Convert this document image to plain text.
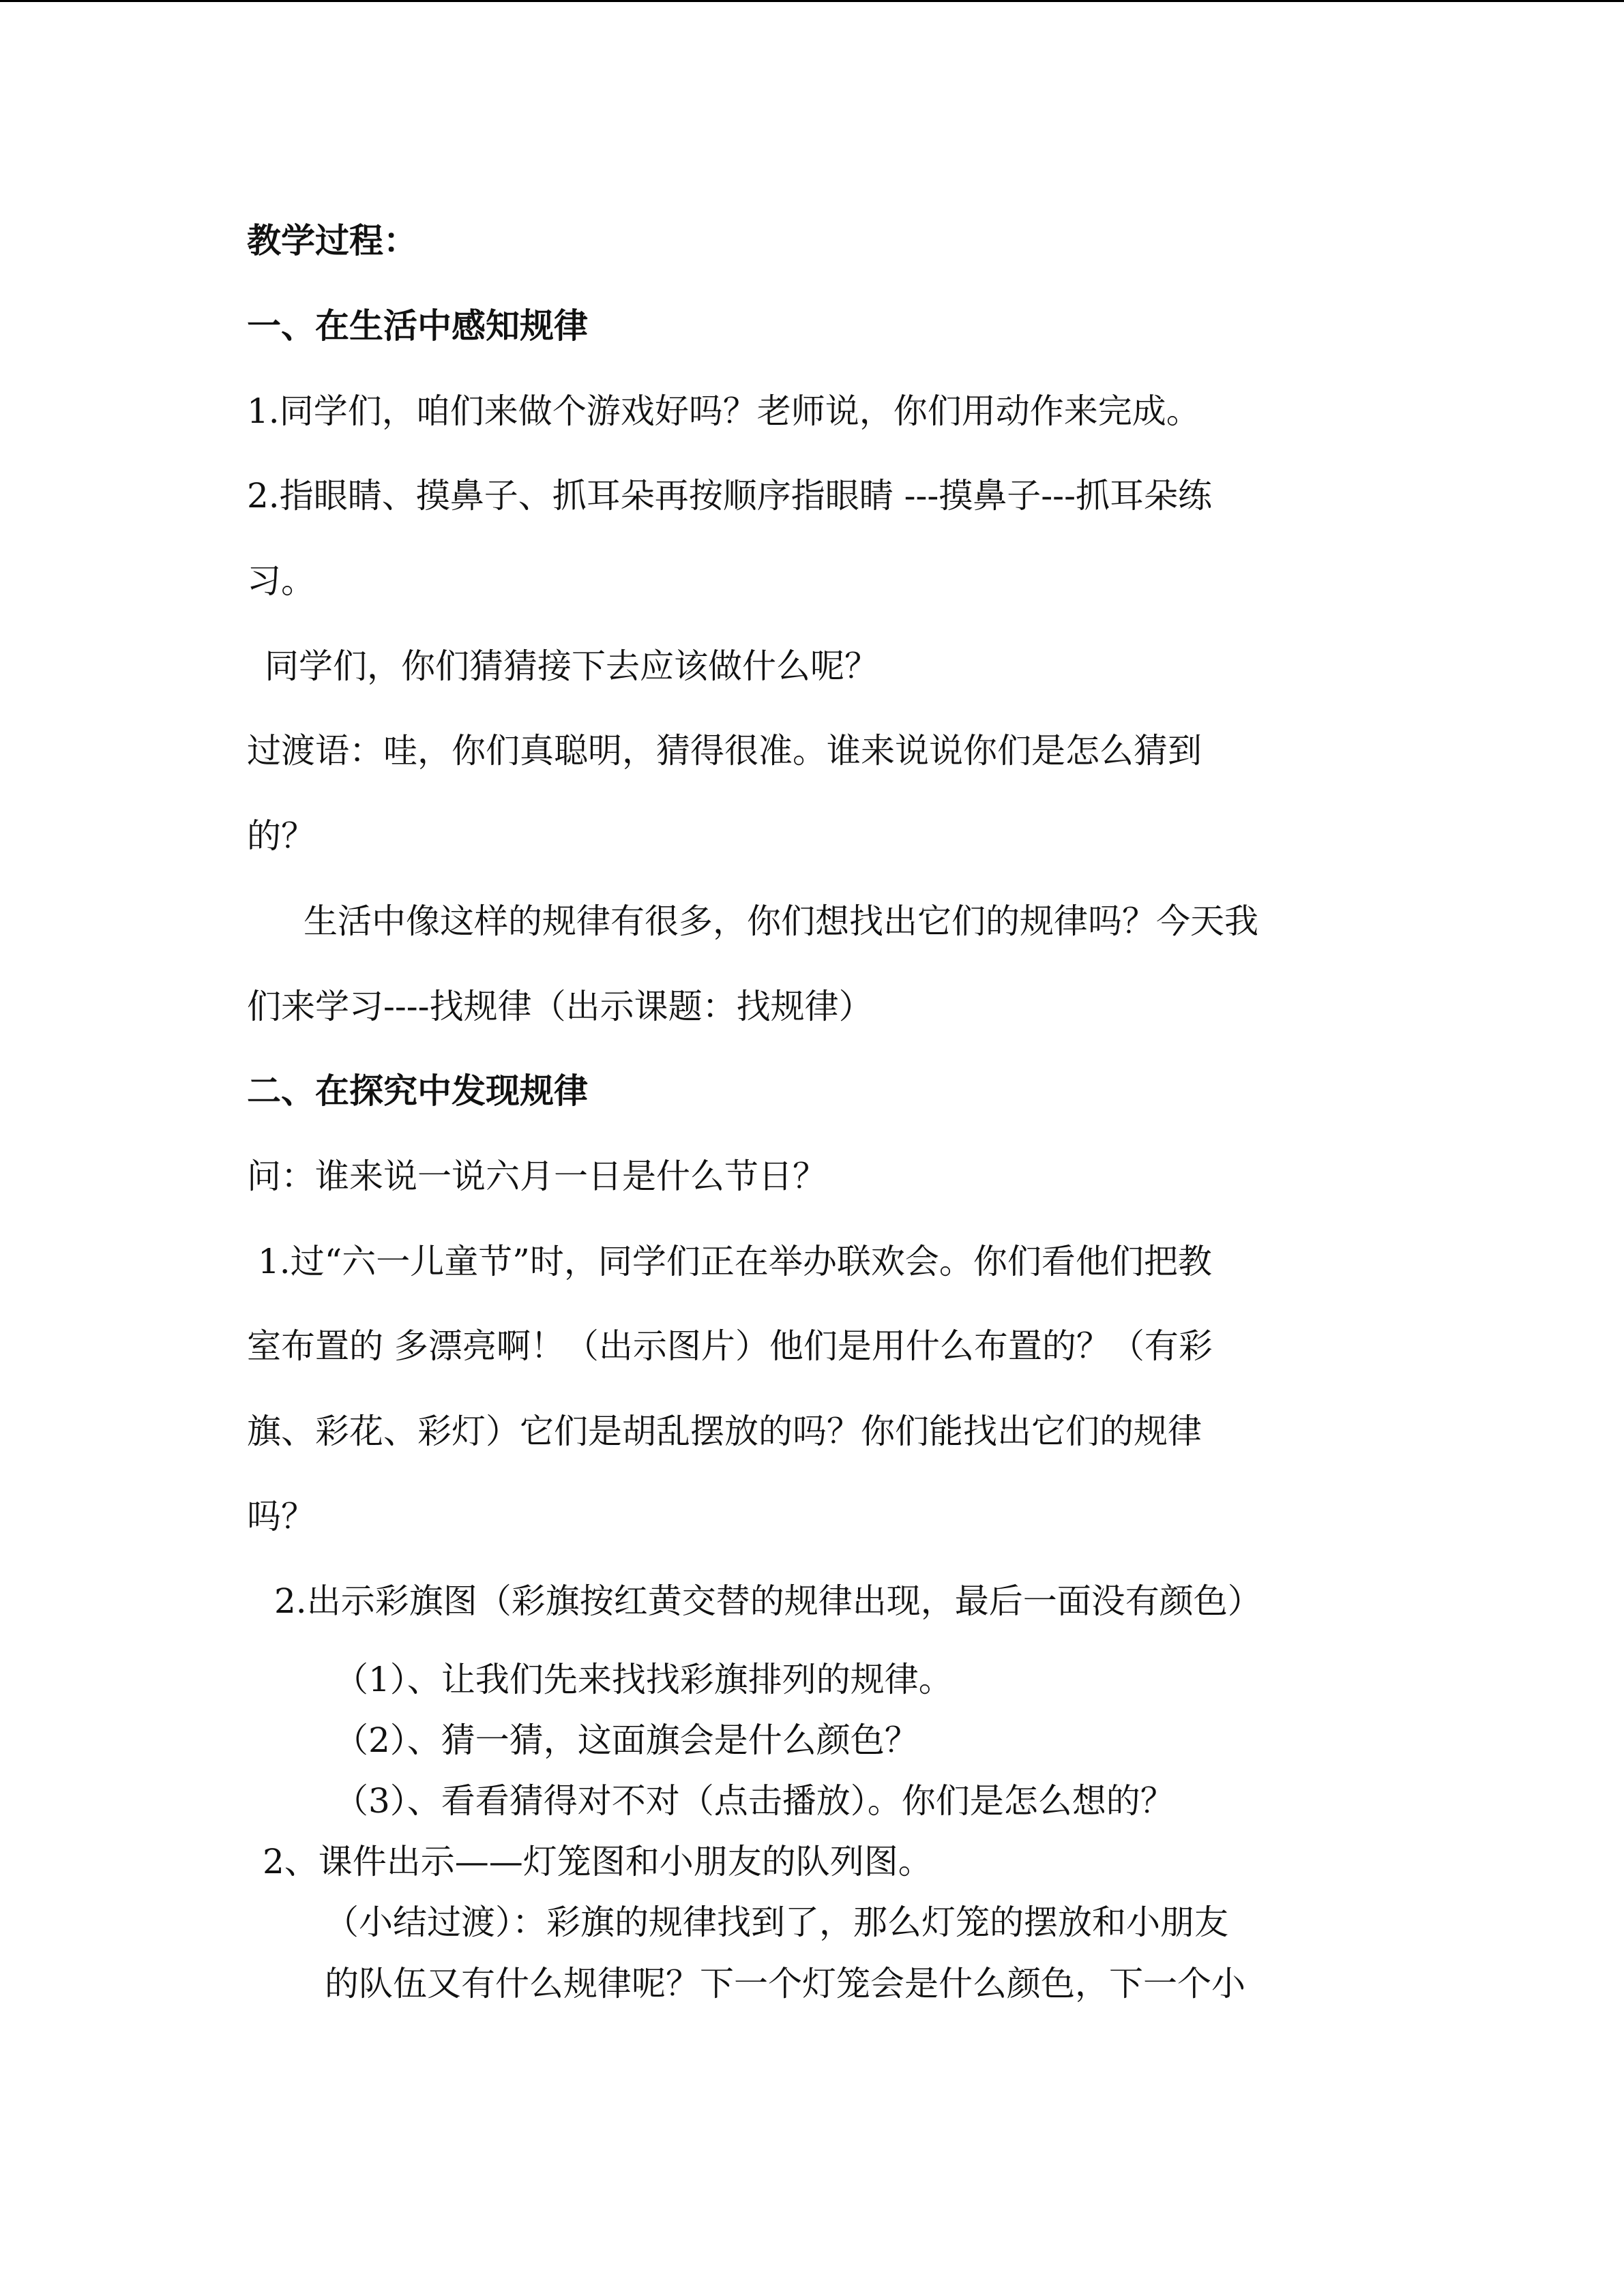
教学过程：
一、在生活中感知规律
1.同学们，咱们来做个游戏好吗？老师说，你们用动作来完成。
2.指眼睛、摸鼻子、抓耳朵再按顺序指眼睛 ---摸鼻子---抓耳朵练
习。
同学们，你们猜猜接下去应该做什么呢？
过渡语：哇，你们真聪明，猜得很准。谁来说说你们是怎么猜到
的？
生活中像这样的规律有很多，你们想找出它们的规律吗？今天我
们来学习----找规律（出示课题：找规律）
二、在探究中发现规律
问：谁来说一说六月一日是什么节日？
1.过“六一儿童节”时，同学们正在举办联欢会。你们看他们把教
室布置的 多漂亮啊！（出示图片）他们是用什么布置的？（有彩
旗、彩花、彩灯）它们是胡乱摆放的吗？你们能找出它们的规律
吗？
2.出示彩旗图（彩旗按红黄交替的规律出现，最后一面没有颜色）
（1）、让我们先来找找彩旗排列的规律。
（2）、猜一猜，这面旗会是什么颜色？
（3）、看看猜得对不对（点击播放）。你们是怎么想的？
2、课件出示——灯笼图和小朋友的队列图。
（小结过渡）：彩旗的规律找到了，那么灯笼的摆放和小朋友
的队伍又有什么规律呢？下一个灯笼会是什么颜色，下一个小
